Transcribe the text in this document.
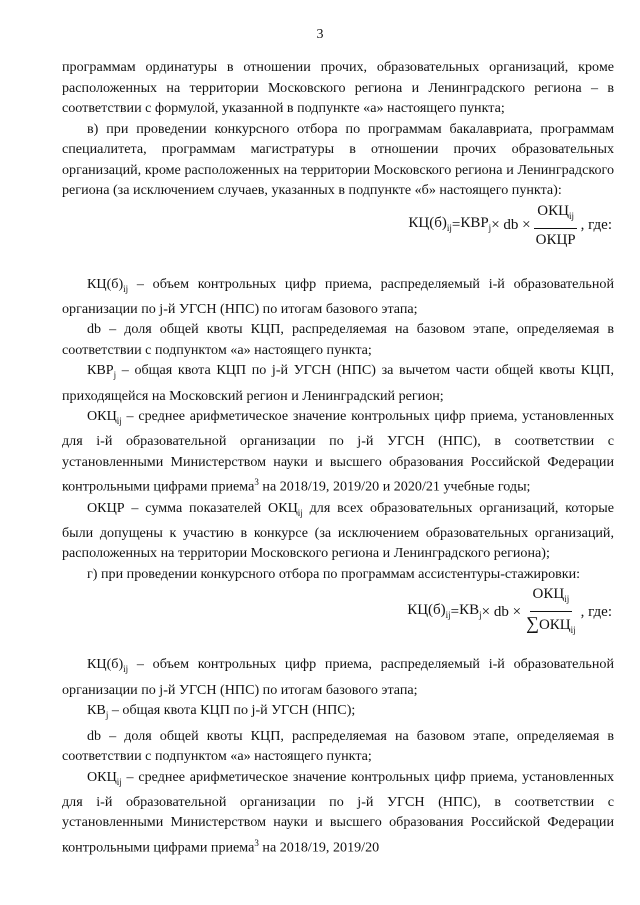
3

программам ординатуры в отношении прочих, образовательных организаций, кроме расположенных на территории Московского региона и Ленинградского региона – в соответствии с формулой, указанной в подпункте «а» настоящего пункта;

в) при проведении конкурсного отбора по программам бакалавриата, программам специалитета, программам магистратуры в отношении прочих образовательных организаций, кроме расположенных на территории Московского региона и Ленинградского региона (за исключением случаев, указанных в подпункте «б» настоящего пункта):

$КЦ(б)_{ij} = КВР_j$ × db × $\frac{ОКЦ_{ij}}{\text{ОКЦР}}$ , где:

$КЦ(б)_{ij}$ – объем контрольных цифр приема, распределяемый i-й образовательной организации по j-й УГСН (НПС) по итогам базового этапа;

db – доля общей квоты КЦП, распределяемая на базовом этапе, определяемая в соответствии с подпунктом «а» настоящего пункта;

$КВР_j$ – общая квота КЦП по j-й УГСН (НПС) за вычетом части общей квоты КЦП, приходящейся на Московский регион и Ленинградский регион;

$ОКЦ_{ij}$ – среднее арифметическое значение контрольных цифр приема, установленных для i-й образовательной организации по j-й УГСН (НПС), в соответствии с установленными Министерством науки и высшего образования Российской Федерации контрольными цифрами приема$^3$ на 2018/19, 2019/20 и 2020/21 учебные годы;

ОКЦР – сумма показателей $ОКЦ_{ij}$ для всех образовательных организаций, которые были допущены к участию в конкурсе (за исключением образовательных организаций, расположенных на территории Московского региона и Ленинградского региона);

г) при проведении конкурсного отбора по программам ассистентуры-стажировки:

$КЦ(б)_{ij} = КВ_j$ × db × $\frac{ОКЦ_{ij}}{\sum ОКЦ_{ij}}$ , где:

$КЦ(б)_{ij}$ – объем контрольных цифр приема, распределяемый i-й образовательной организации по j-й УГСН (НПС) по итогам базового этапа;

$КВ_j$ – общая квота КЦП по j-й УГСН (НПС);

db – доля общей квоты КЦП, распределяемая на базовом этапе, определяемая в соответствии с подпунктом «а» настоящего пункта;

$ОКЦ_{ij}$ – среднее арифметическое значение контрольных цифр приема, установленных для i-й образовательной организации по j-й УГСН (НПС), в соответствии с установленными Министерством науки и высшего образования Российской Федерации контрольными цифрами приема$^3$ на 2018/19, 2019/20
